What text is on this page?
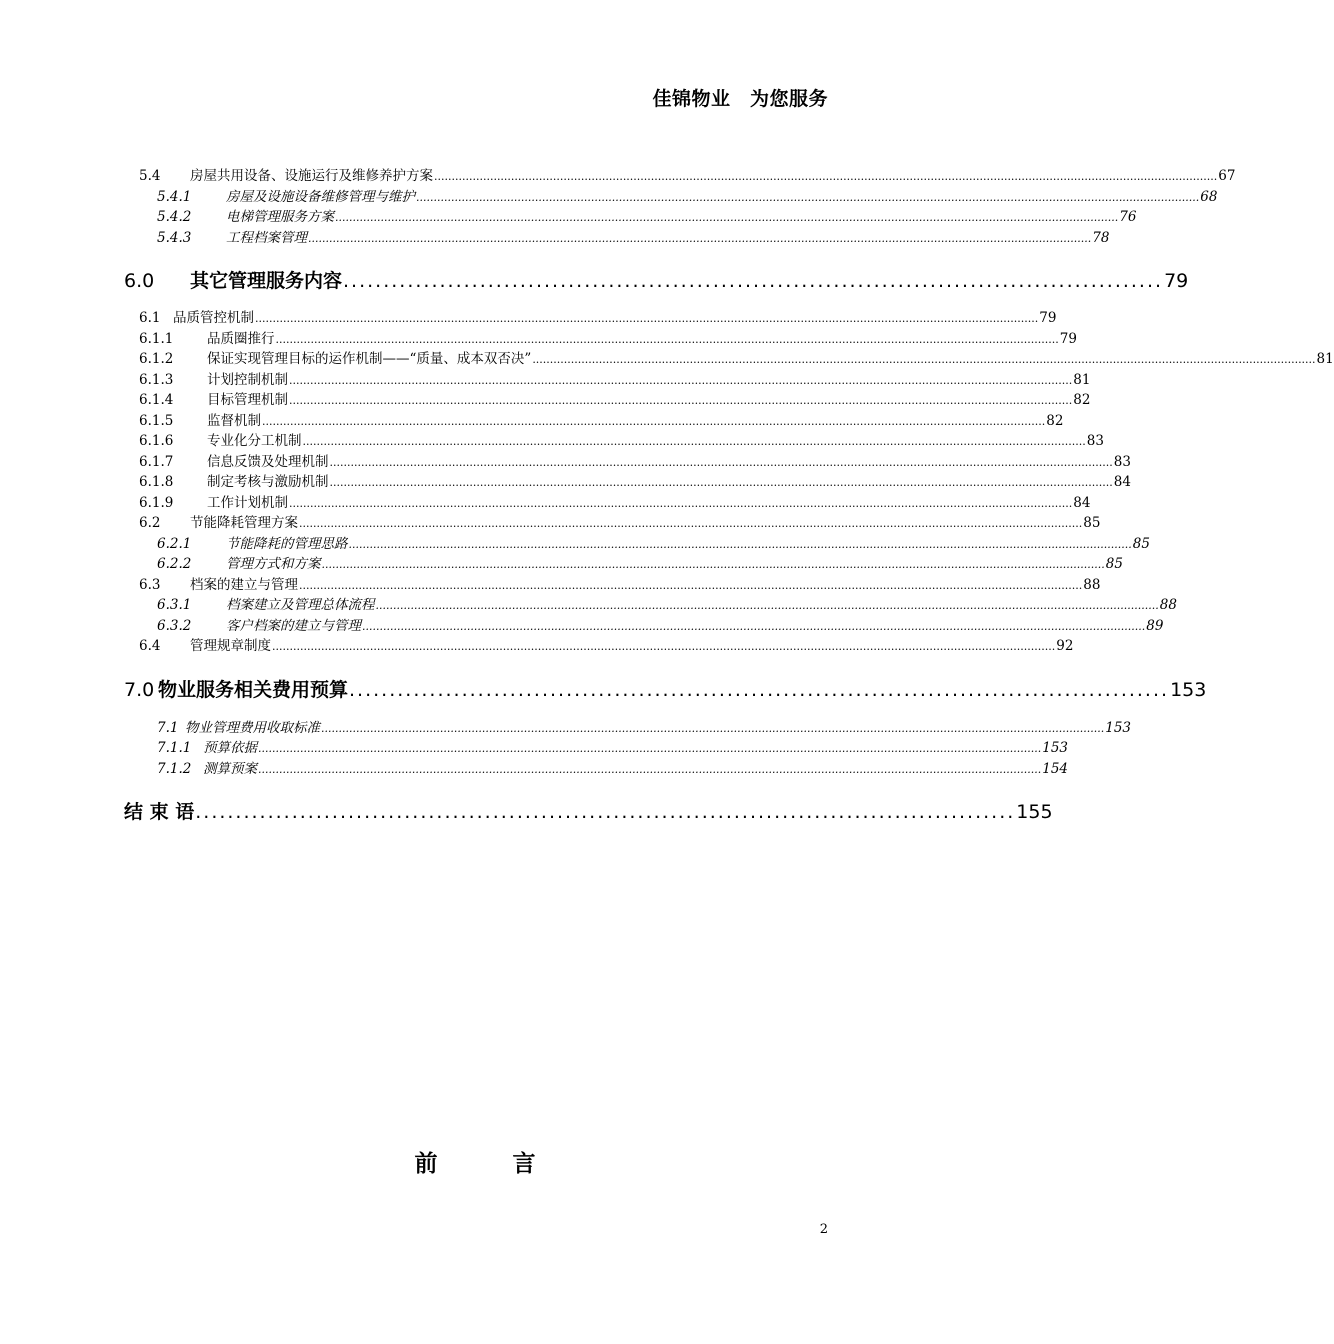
佳锦物业　为您服务
5.4	房屋共用设备、设施运行及维修养护方案 ................................................................................................................................................................................................................................ 67
5.4.1	房屋及设施设备维修管理与维护 ................................................................................................................................................................................................................................ 68
5.4.2	电梯管理服务方案 ................................................................................................................................................................................................................................ 76
5.4.3	工程档案管理 ................................................................................................................................................................................................................................ 78
6.0	其它管理服务内容 ...................................................................................................... 79
6.1 品质管控机制 ................................................................................................................................................................................................................................ 79
6.1.1	品质圈推行 ................................................................................................................................................................................................................................ 79
6.1.2	保证实现管理目标的运作机制——“质量、成本双否决” ................................................................................................................................................................................................................................ 81
6.1.3	计划控制机制 ................................................................................................................................................................................................................................ 81
6.1.4	目标管理机制 ................................................................................................................................................................................................................................ 82
6.1.5	监督机制 ................................................................................................................................................................................................................................ 82
6.1.6	专业化分工机制 ................................................................................................................................................................................................................................ 83
6.1.7	信息反馈及处理机制 ................................................................................................................................................................................................................................ 83
6.1.8	制定考核与激励机制 ................................................................................................................................................................................................................................ 84
6.1.9	工作计划机制 ................................................................................................................................................................................................................................ 84
6.2	节能降耗管理方案 ................................................................................................................................................................................................................................ 85
6.2.1	节能降耗的管理思路 ................................................................................................................................................................................................................................ 85
6.2.2	管理方式和方案 ................................................................................................................................................................................................................................ 85
6.3	档案的建立与管理 ................................................................................................................................................................................................................................ 88
6.3.1	档案建立及管理总体流程 ................................................................................................................................................................................................................................ 88
6.3.2	客户档案的建立与管理 ................................................................................................................................................................................................................................ 89
6.4	管理规章制度 ................................................................................................................................................................................................................................ 92
7.0 物业服务相关费用预算 ...................................................................................................... 153
7.1 物业管理费用收取标准 ................................................................................................................................................................................................................................ 153
7.1.1 预算依据 ................................................................................................................................................................................................................................ 153
7.1.2 测算预案 ................................................................................................................................................................................................................................ 154
结 束 语 ...................................................................................................... 155
前　言
2
